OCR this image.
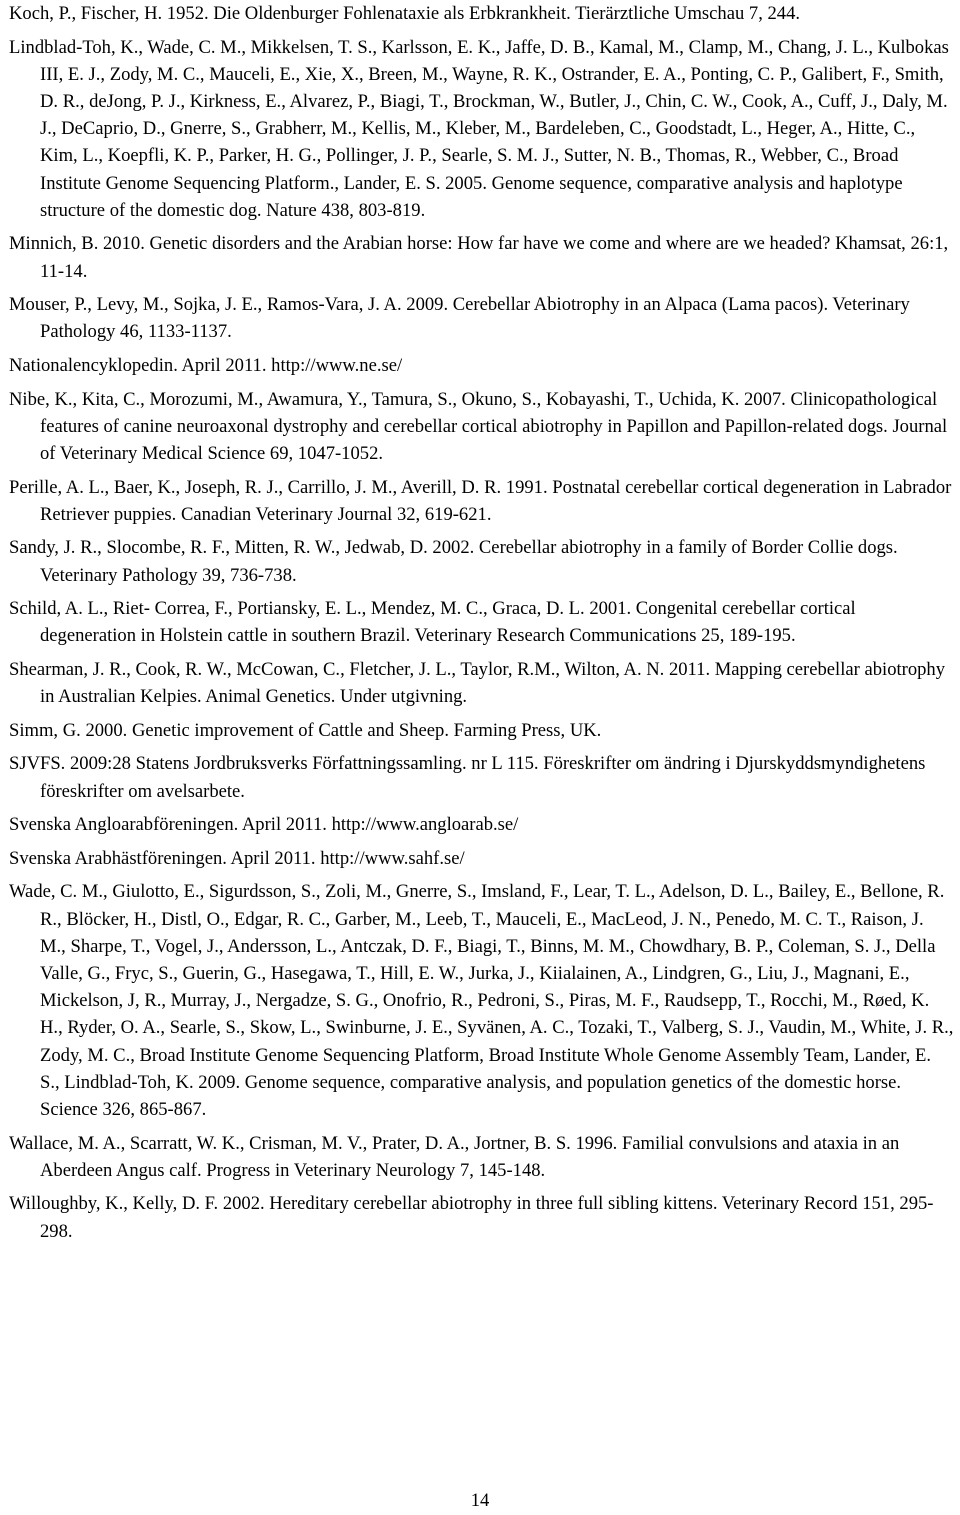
Koch, P., Fischer, H. 1952. Die Oldenburger Fohlenataxie als Erbkrankheit. Tierärztliche Umschau 7, 244.
Lindblad-Toh, K., Wade, C. M., Mikkelsen, T. S., Karlsson, E. K., Jaffe, D. B., Kamal, M., Clamp, M., Chang, J. L., Kulbokas III, E. J., Zody, M. C., Mauceli, E., Xie, X., Breen, M., Wayne, R. K., Ostrander, E. A., Ponting, C. P., Galibert, F., Smith, D. R., deJong, P. J., Kirkness, E., Alvarez, P., Biagi, T., Brockman, W., Butler, J., Chin, C. W., Cook, A., Cuff, J., Daly, M. J., DeCaprio, D., Gnerre, S., Grabherr, M., Kellis, M., Kleber, M., Bardeleben, C., Goodstadt, L., Heger, A., Hitte, C., Kim, L., Koepfli, K. P., Parker, H. G., Pollinger, J. P., Searle, S. M. J., Sutter, N. B., Thomas, R., Webber, C., Broad Institute Genome Sequencing Platform., Lander, E. S. 2005. Genome sequence, comparative analysis and haplotype structure of the domestic dog. Nature 438, 803-819.
Minnich, B. 2010. Genetic disorders and the Arabian horse: How far have we come and where are we headed? Khamsat, 26:1, 11-14.
Mouser, P., Levy, M., Sojka, J. E., Ramos-Vara, J. A. 2009. Cerebellar Abiotrophy in an Alpaca (Lama pacos). Veterinary Pathology 46, 1133-1137.
Nationalencyklopedin. April 2011. http://www.ne.se/
Nibe, K., Kita, C., Morozumi, M., Awamura, Y., Tamura, S., Okuno, S., Kobayashi, T., Uchida, K. 2007. Clinicopathological features of canine neuroaxonal dystrophy and cerebellar cortical abiotrophy in Papillon and Papillon-related dogs. Journal of Veterinary Medical Science 69, 1047-1052.
Perille, A. L., Baer, K., Joseph, R. J., Carrillo, J. M., Averill, D. R. 1991. Postnatal cerebellar cortical degeneration in Labrador Retriever puppies. Canadian Veterinary Journal 32, 619-621.
Sandy, J. R., Slocombe, R. F., Mitten, R. W., Jedwab, D. 2002. Cerebellar abiotrophy in a family of Border Collie dogs. Veterinary Pathology 39, 736-738.
Schild, A. L., Riet- Correa, F., Portiansky, E. L., Mendez, M. C., Graca, D. L. 2001. Congenital cerebellar cortical degeneration in Holstein cattle in southern Brazil. Veterinary Research Communications 25, 189-195.
Shearman, J. R., Cook, R. W., McCowan, C., Fletcher, J. L., Taylor, R.M., Wilton, A. N. 2011. Mapping cerebellar abiotrophy in Australian Kelpies. Animal Genetics. Under utgivning.
Simm, G. 2000. Genetic improvement of Cattle and Sheep. Farming Press, UK.
SJVFS. 2009:28 Statens Jordbruksverks Författningssamling. nr L 115. Föreskrifter om ändring i Djurskyddsmyndighetens föreskrifter om avelsarbete.
Svenska Angloarabföreningen. April 2011. http://www.angloarab.se/
Svenska Arabhästföreningen. April 2011. http://www.sahf.se/
Wade, C. M., Giulotto, E., Sigurdsson, S., Zoli, M., Gnerre, S., Imsland, F., Lear, T. L., Adelson, D. L., Bailey, E., Bellone, R. R., Blöcker, H., Distl, O., Edgar, R. C., Garber, M., Leeb, T., Mauceli, E., MacLeod, J. N., Penedo, M. C. T., Raison, J. M., Sharpe, T., Vogel, J., Andersson, L., Antczak, D. F., Biagi, T., Binns, M. M., Chowdhary, B. P., Coleman, S. J., Della Valle, G., Fryc, S., Guerin, G., Hasegawa, T., Hill, E. W., Jurka, J., Kiialainen, A., Lindgren, G., Liu, J., Magnani, E., Mickelson, J, R., Murray, J., Nergadze, S. G., Onofrio, R., Pedroni, S., Piras, M. F., Raudsepp, T., Rocchi, M., Røed, K. H., Ryder, O. A., Searle, S., Skow, L., Swinburne, J. E., Syvänen, A. C., Tozaki, T., Valberg, S. J., Vaudin, M., White, J. R., Zody, M. C., Broad Institute Genome Sequencing Platform, Broad Institute Whole Genome Assembly Team, Lander, E. S., Lindblad-Toh, K. 2009. Genome sequence, comparative analysis, and population genetics of the domestic horse. Science 326, 865-867.
Wallace, M. A., Scarratt, W. K., Crisman, M. V., Prater, D. A., Jortner, B. S. 1996. Familial convulsions and ataxia in an Aberdeen Angus calf. Progress in Veterinary Neurology 7, 145-148.
Willoughby, K., Kelly, D. F. 2002. Hereditary cerebellar abiotrophy in three full sibling kittens. Veterinary Record 151, 295-298.
14
